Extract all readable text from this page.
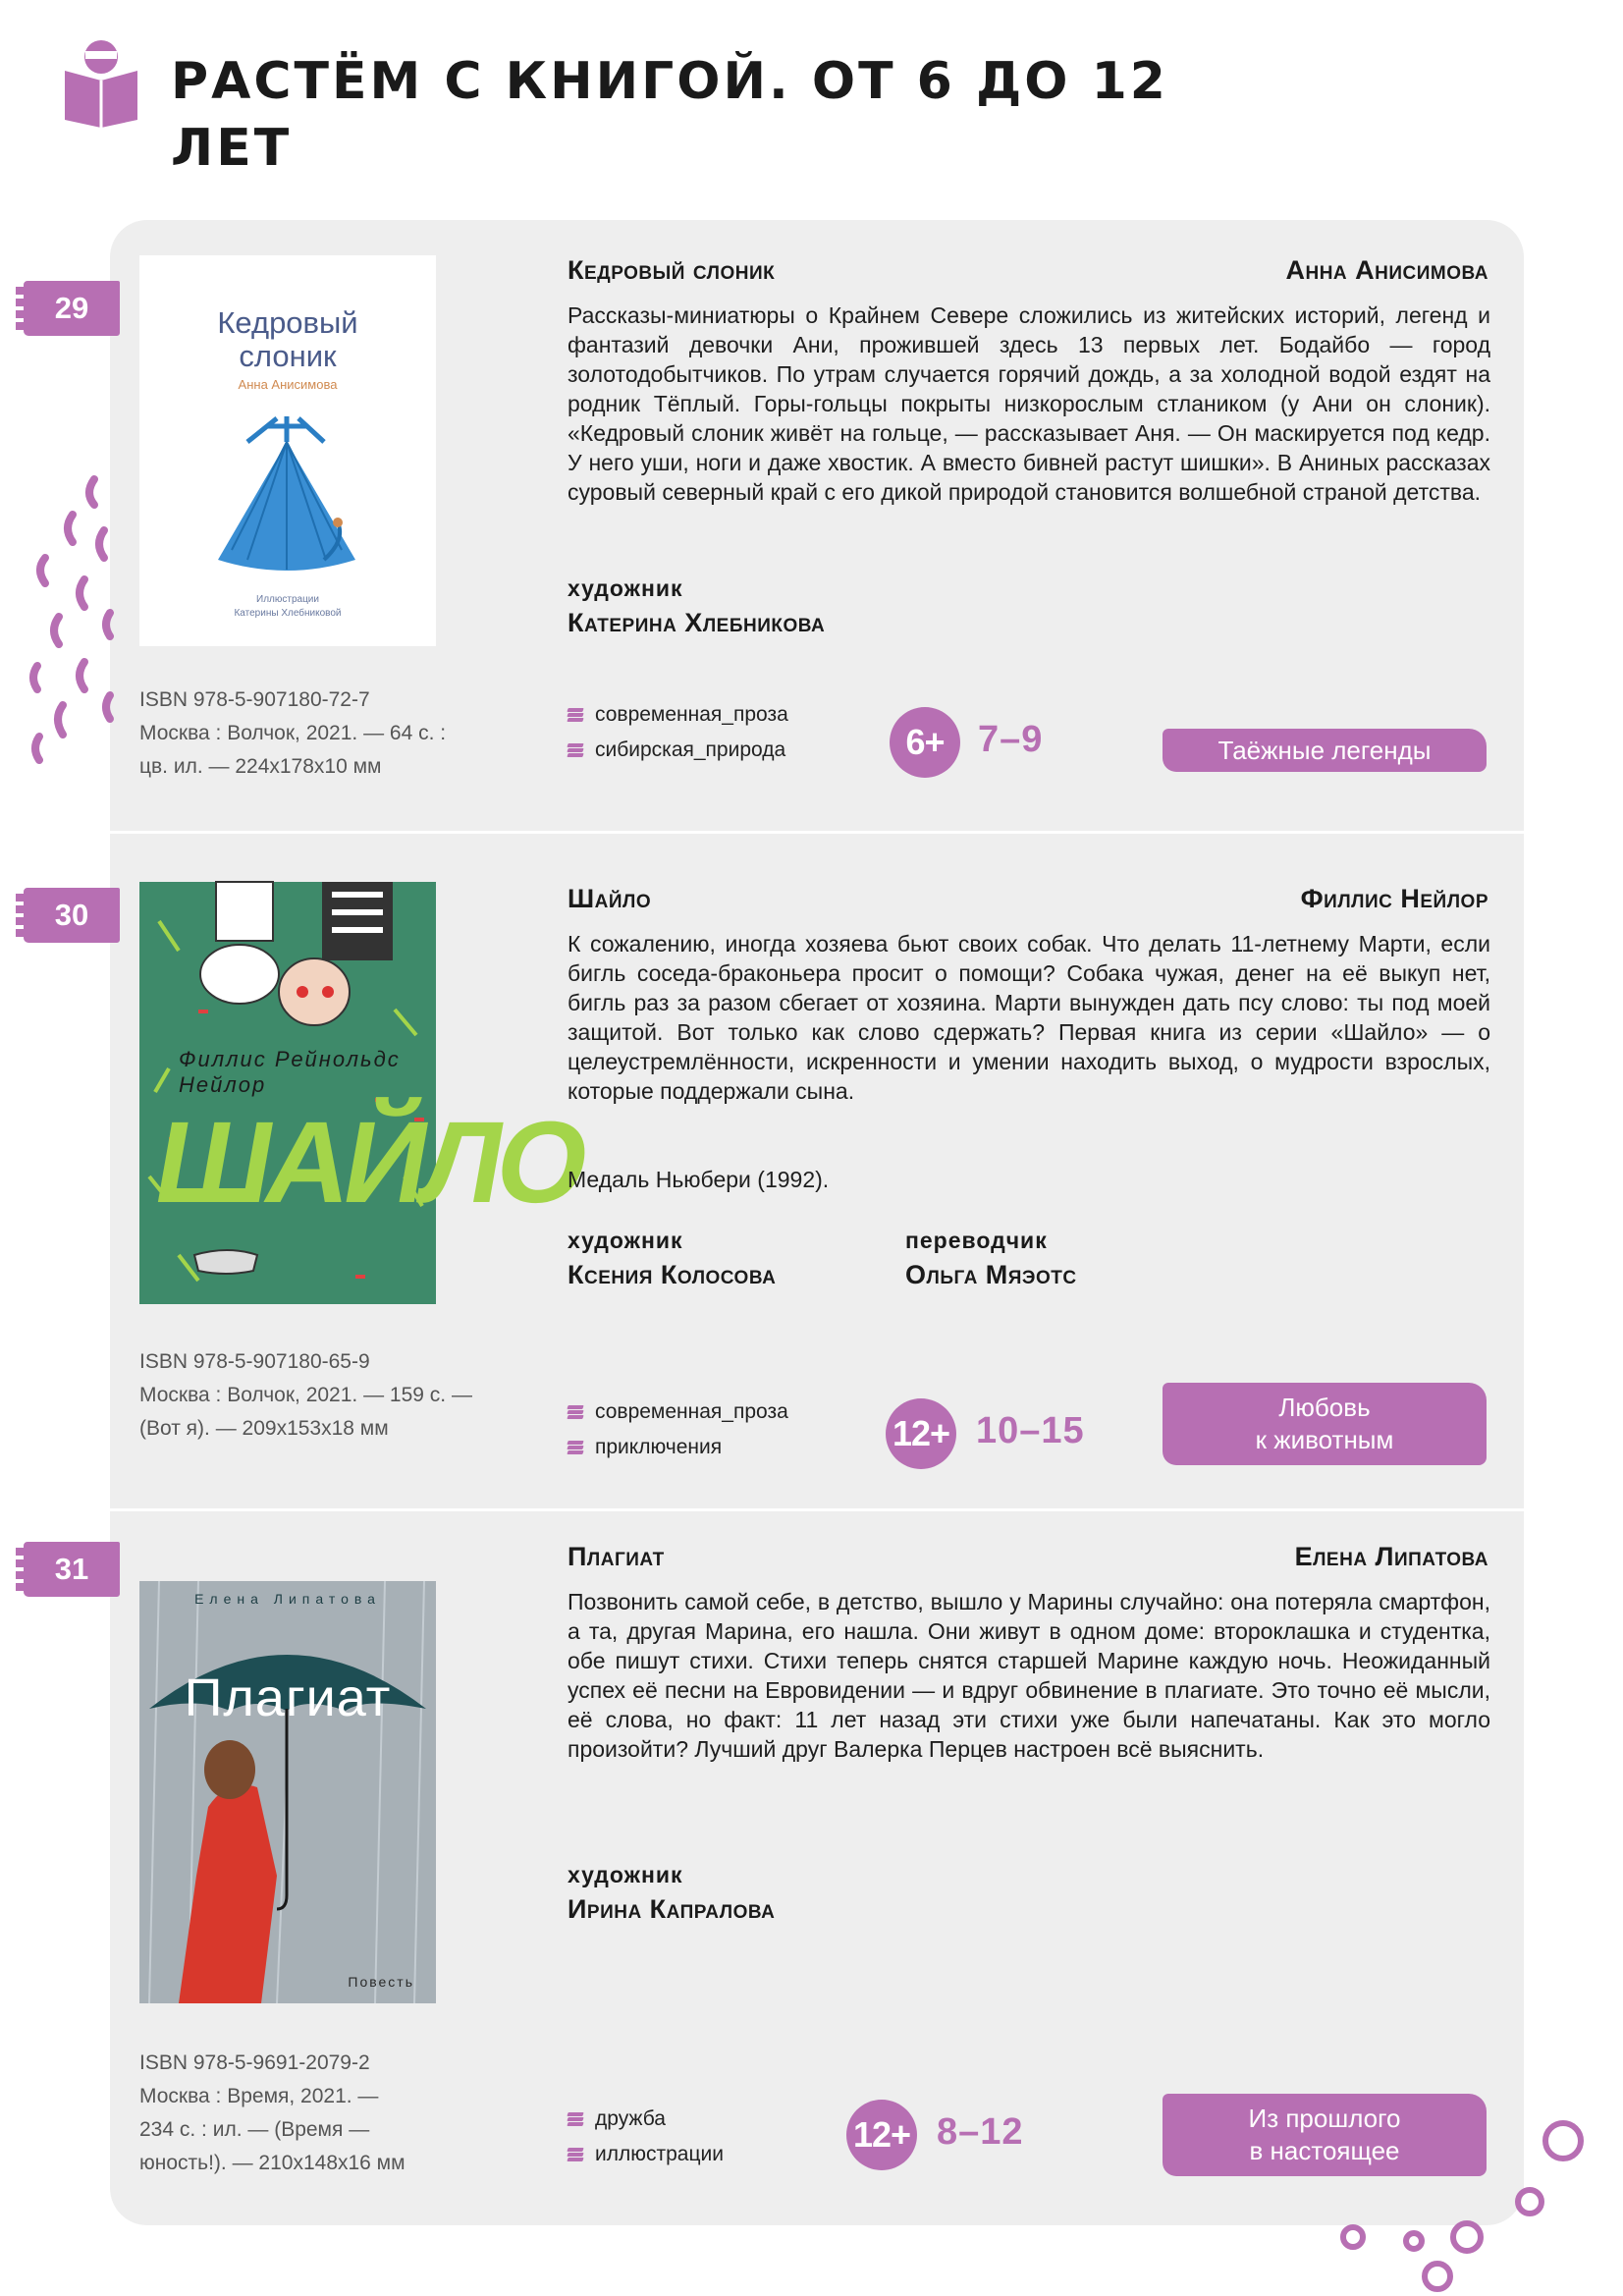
РАСТЁМ С КНИГОЙ. ОТ 6 ДО 12 ЛЕТ
29	Кедровый
слоник
Анна Анисимова
Иллюстрации
Катерины Хлебниковой
ISBN 978-5-907180-72-7
Москва : Волчок, 2021. — 64 с. :
цв. ил. — 224x178x10 мм
Кедровый слоник	Анна Анисимова
Рассказы-миниатюры о Крайнем Севере сложились из житейских историй, легенд и фантазий девочки Ани, прожившей здесь 13 первых лет. Бодайбо — город золотодобытчиков. По утрам случается горячий дождь, а за холодной водой ездят на родник Тёплый. Горы-гольцы покрыты низкорослым стлаником (у Ани он слоник). «Кедровый слоник живёт на гольце, — рассказывает Аня. — Он маскируется под кедр. У него уши, ноги и даже хвостик. А вместо бивней растут шишки». В Аниных рассказах суровый северный край с его дикой природой становится волшебной страной детства.
художник
Катерина Хлебникова
современная_проза
сибирская_природа	6+ 7–9	Таёжные легенды
30
Филлис Рейнольдс
Нейлор
ШАЙЛО
ISBN 978-5-907180-65-9
Москва : Волчок, 2021. — 159 с. —
(Вот я). — 209x153x18 мм
Шайло	Филлис Нейлор
К сожалению, иногда хозяева бьют своих собак. Что делать 11-летнему Марти, если бигль соседа-браконьера просит о помощи? Собака чужая, денег на её выкуп нет, бигль раз за разом сбегает от хозяина. Марти вынужден дать псу слово: ты под моей защитой. Вот только как слово сдержать? Первая книга из серии «Шайло» — о целеустремлённости, искренности и умении находить выход, о мудрости взрослых, которые поддержали сына.
Медаль Ньюбери (1992).
художник
Ксения Колосова
переводчик
Ольга Мяэотс
современная_проза
приключения	12+ 10–15
Любовь
к животным
31
Елена Липатова
Плагиат
Повесть
ISBN 978-5-9691-2079-2
Москва : Время, 2021. —
234 с. : ил. — (Время —
юность!). — 210x148x16 мм
Плагиат	Елена Липатова
Позвонить самой себе, в детство, вышло у Марины случайно: она потеряла смартфон, а та, другая Марина, его нашла. Они живут в одном доме: второклашка и студентка, обе пишут стихи. Стихи теперь снятся старшей Марине каждую ночь. Неожиданный успех её песни на Евровидении — и вдруг обвинение в плагиате. Это точно её мысли, её слова, но факт: 11 лет назад эти стихи уже были напечатаны. Как это могло произойти? Лучший друг Валерка Перцев настроен всё выяснить.
художник
Ирина Капралова
дружба
иллюстрации	12+ 8–12	Из прошлого
в настоящее
